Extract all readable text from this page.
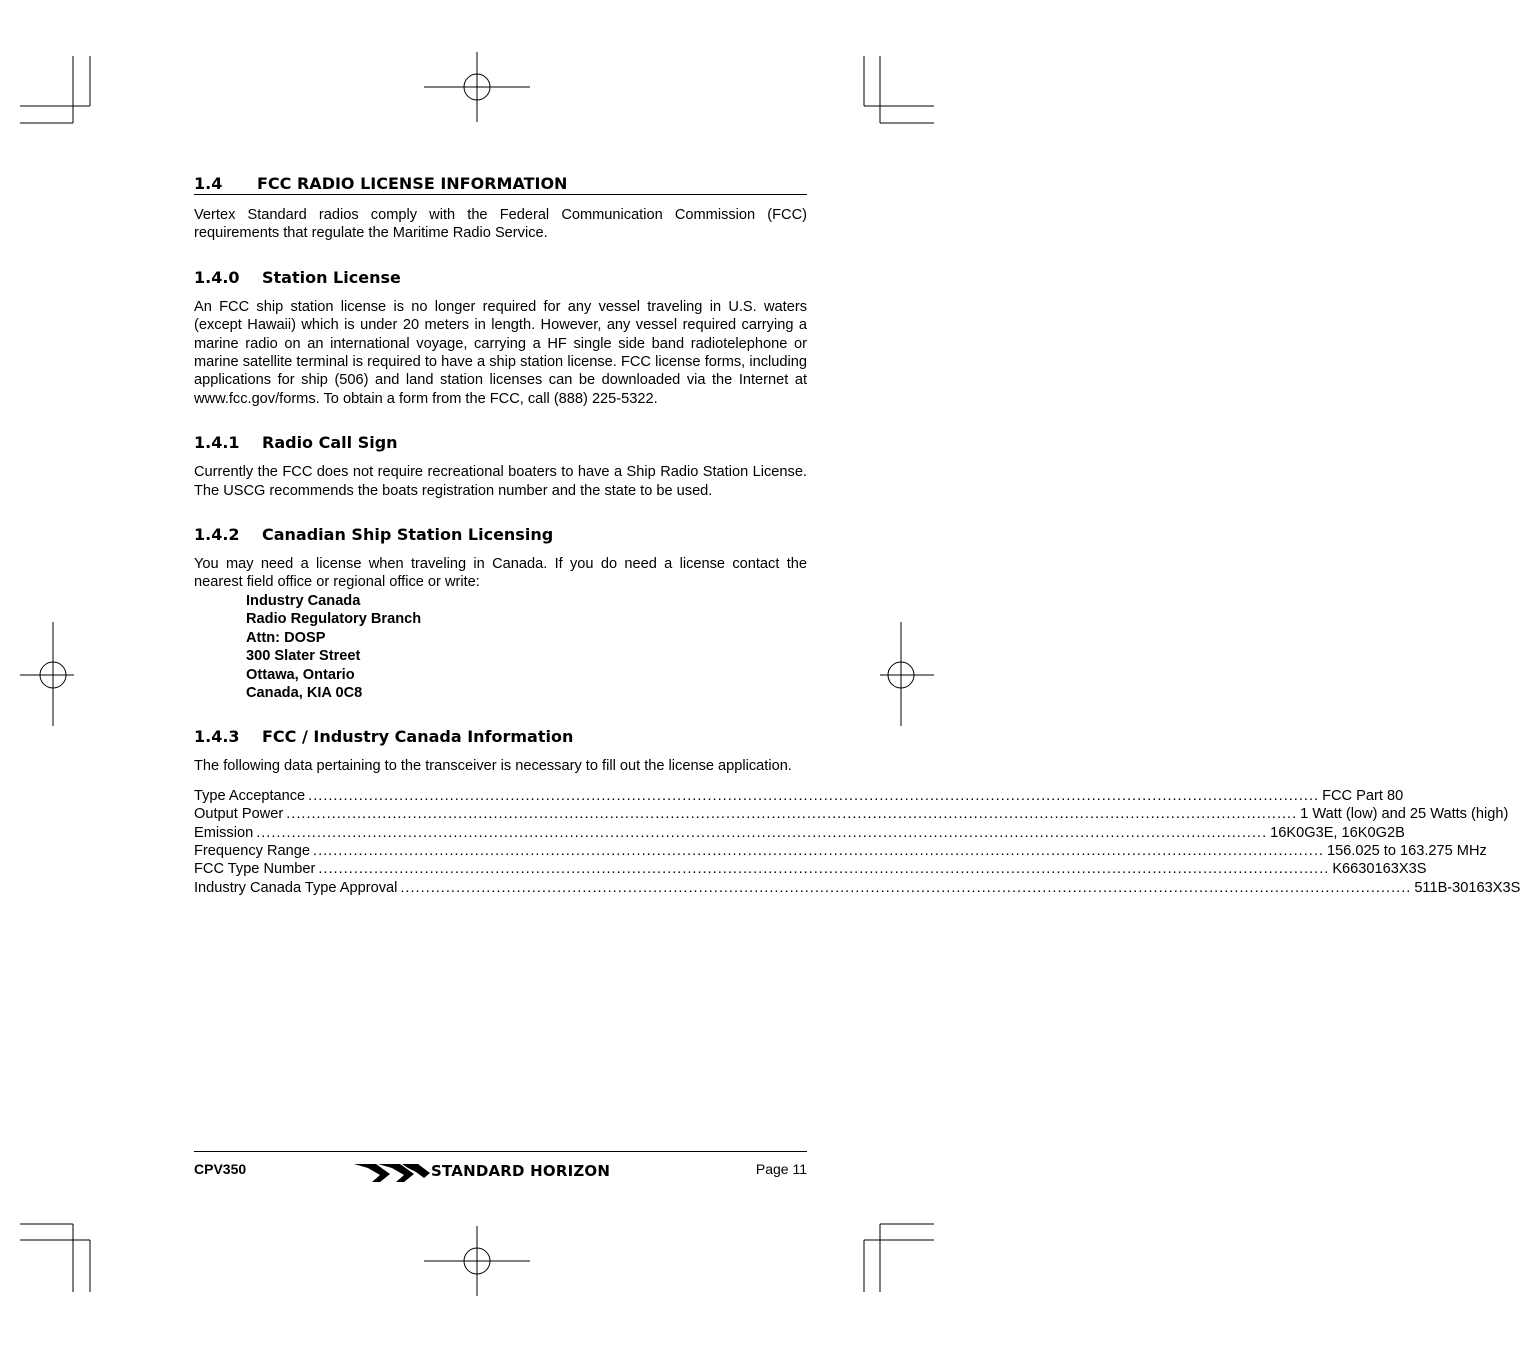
1.4 FCC RADIO LICENSE INFORMATION

Vertex Standard radios comply with the Federal Communication Commission (FCC) requirements that regulate the Maritime Radio Service.

1.4.0 Station License

An FCC ship station license is no longer required for any vessel traveling in U.S. waters (except Hawaii) which is under 20 meters in length. However, any vessel required carrying a marine radio on an international voyage, carrying a HF single side band radiotelephone or marine satellite terminal is required to have a ship station license. FCC license forms, including applications for ship (506) and land station licenses can be downloaded via the Internet at www.fcc.gov/forms. To obtain a form from the FCC, call (888) 225-5322.

1.4.1 Radio Call Sign

Currently the FCC does not require recreational boaters to have a Ship Radio Station License. The USCG recommends the boats registration number and the state to be used.

1.4.2 Canadian Ship Station Licensing

You may need a license when traveling in Canada. If you do need a license contact the nearest field office or regional office or write:

Industry Canada
Radio Regulatory Branch
Attn: DOSP
300 Slater Street
Ottawa, Ontario
Canada, KIA 0C8
1.4.3 FCC / Industry Canada Information

The following data pertaining to the transceiver is necessary to fill out the license application.

Type Acceptance ........................................................................................................................................................................................................ FCC Part 80
Output Power ........................................................................................................................................................................................................ 1 Watt (low) and 25 Watts (high)
Emission ........................................................................................................................................................................................................ 16K0G3E, 16K0G2B
Frequency Range ........................................................................................................................................................................................................ 156.025 to 163.275 MHz
FCC Type Number ........................................................................................................................................................................................................ K6630163X3S
Industry Canada Type Approval ........................................................................................................................................................................................................ 511B-30163X3S
CPV350	STANDARD HORIZON	Page 11
